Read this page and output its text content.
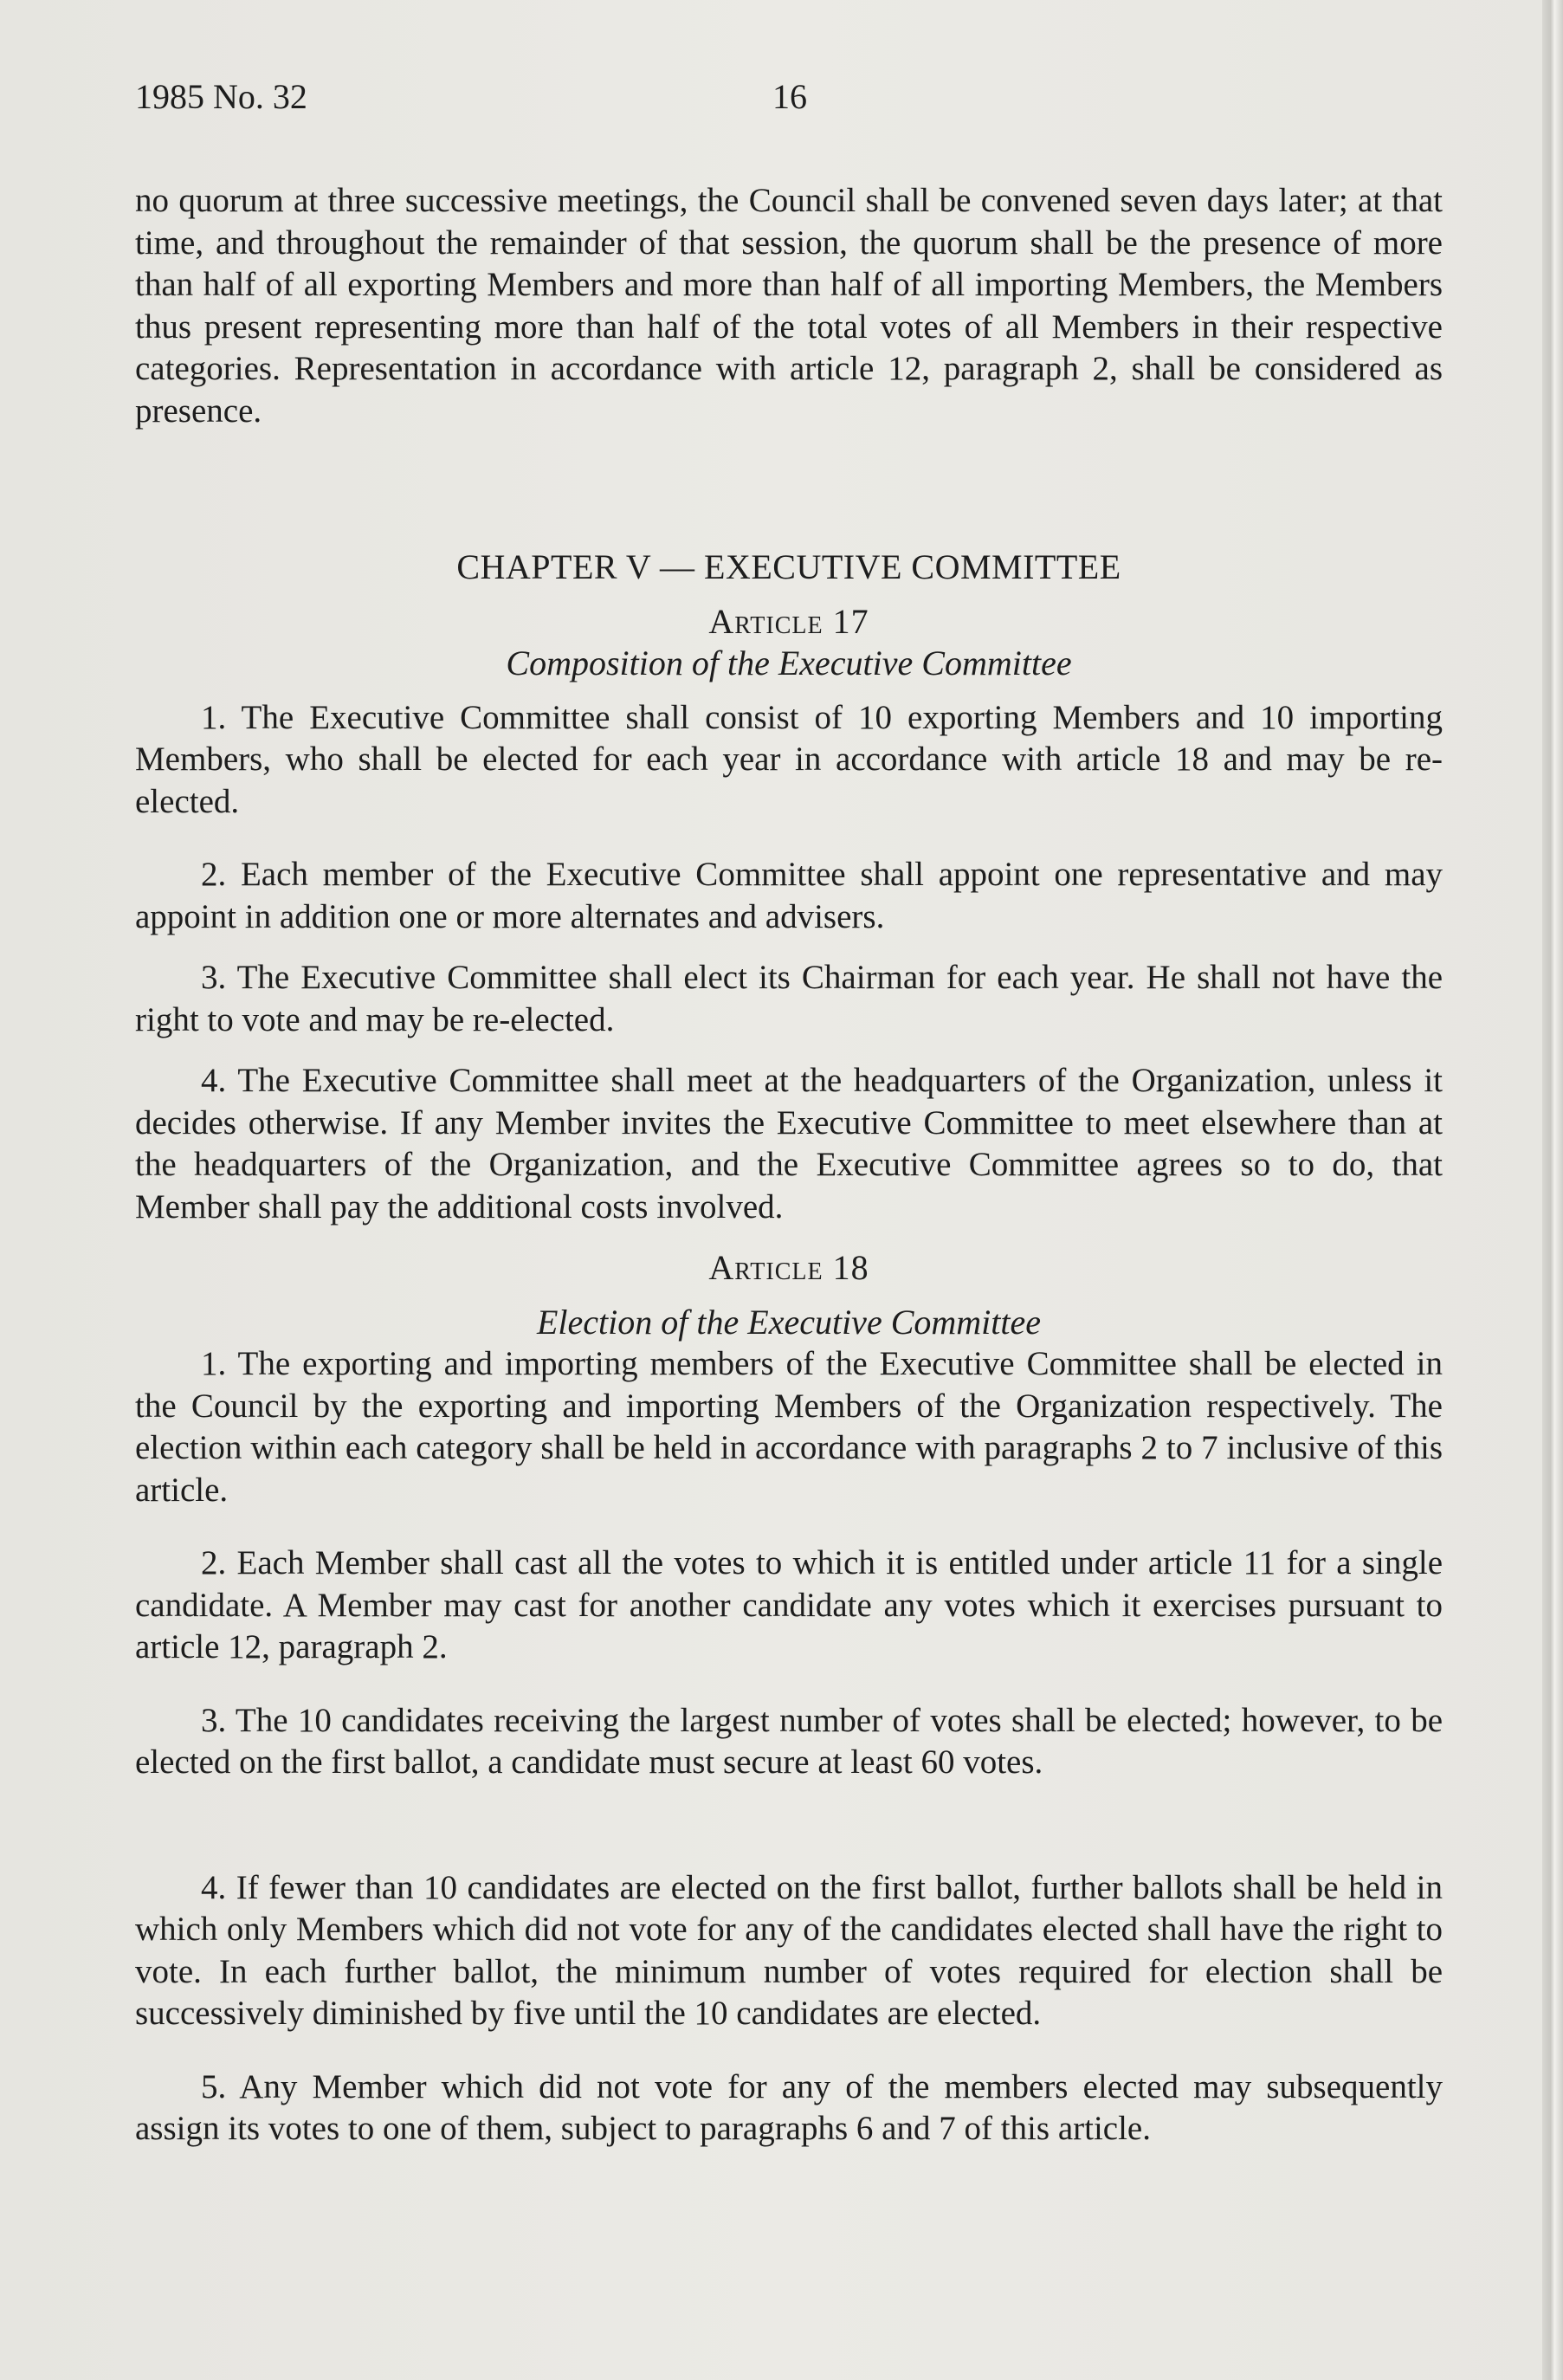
1985 No. 32	16

no quorum at three successive meetings, the Council shall be convened seven days later; at that time, and throughout the remainder of that session, the quorum shall be the presence of more than half of all exporting Members and more than half of all importing Members, the Members thus present representing more than half of the total votes of all Members in their respective categories. Representation in accordance with article 12, paragraph 2, shall be considered as presence.

CHAPTER V — EXECUTIVE COMMITTEE

Article 17

Composition of the Executive Committee

1. The Executive Committee shall consist of 10 exporting Members and 10 importing Members, who shall be elected for each year in accordance with article 18 and may be re-elected.

2. Each member of the Executive Committee shall appoint one representative and may appoint in addition one or more alternates and advisers.

3. The Executive Committee shall elect its Chairman for each year. He shall not have the right to vote and may be re-elected.

4. The Executive Committee shall meet at the headquarters of the Organization, unless it decides otherwise. If any Member invites the Executive Committee to meet elsewhere than at the headquarters of the Organization, and the Executive Committee agrees so to do, that Member shall pay the additional costs involved.

Article 18

Election of the Executive Committee

1. The exporting and importing members of the Executive Committee shall be elected in the Council by the exporting and importing Members of the Organization respectively. The election within each category shall be held in accordance with paragraphs 2 to 7 inclusive of this article.

2. Each Member shall cast all the votes to which it is entitled under article 11 for a single candidate. A Member may cast for another candidate any votes which it exercises pursuant to article 12, paragraph 2.

3. The 10 candidates receiving the largest number of votes shall be elected; however, to be elected on the first ballot, a candidate must secure at least 60 votes.

4. If fewer than 10 candidates are elected on the first ballot, further ballots shall be held in which only Members which did not vote for any of the candidates elected shall have the right to vote. In each further ballot, the minimum number of votes required for election shall be successively diminished by five until the 10 candidates are elected.

5. Any Member which did not vote for any of the members elected may subsequently assign its votes to one of them, subject to paragraphs 6 and 7 of this article.
